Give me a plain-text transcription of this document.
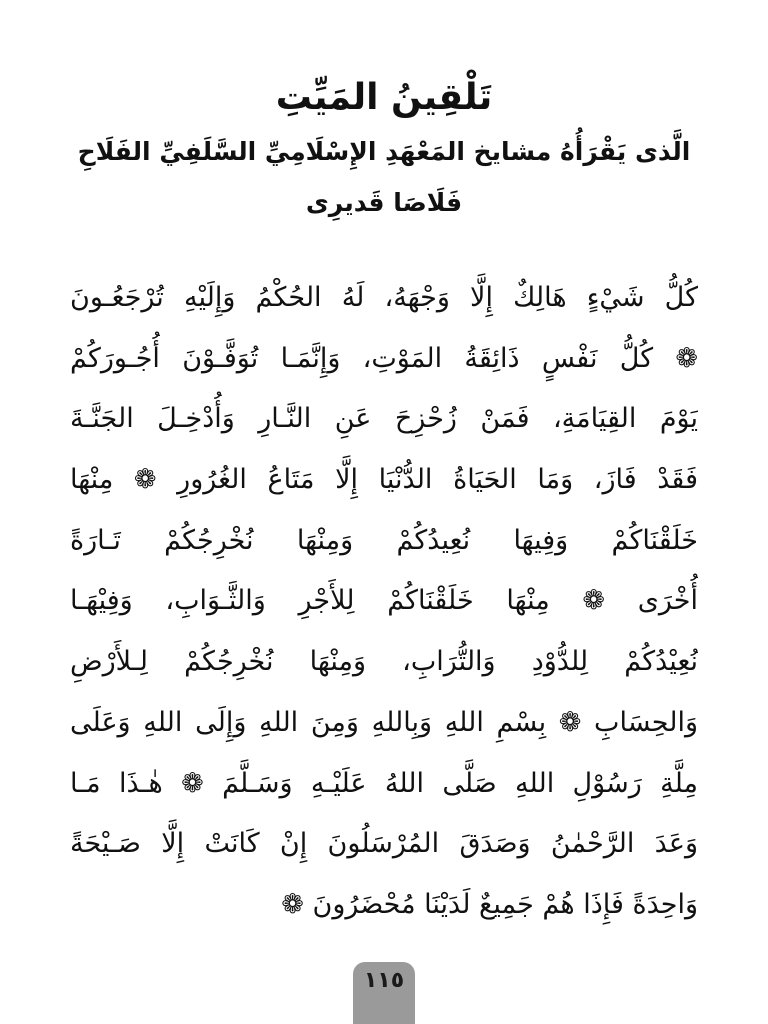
تَلْقِينُ المَيِّتِ

الَّذى يَقْرَأُهُ مشايخ المَعْهَدِ الإِسْلَامِيِّ السَّلَفِيِّ الفَلَاحِ

فَلَاصَا قَديرِى

كُلُّ شَيْءٍ هَالِكٌ إِلَّا وَجْهَهُ، لَهُ الحُكْمُ وَإِلَيْهِ تُرْجَعُـونَ
❁ كُلُّ نَفْسٍ ذَائِقَةُ المَوْتِ، وَإِنَّمَـا تُوَفَّـوْنَ أُجُـورَكُمْ
يَوْمَ القِيَامَةِ، فَمَنْ زُحْزِحَ عَنِ النَّـارِ وَأُدْخِـلَ الجَنَّـةَ
فَقَدْ فَازَ، وَمَا الحَيَاةُ الدُّنْيَا إِلَّا مَتَاعُ الغُرُورِ ❁ مِنْهَا
خَلَقْنَاكُمْ وَفِيهَا نُعِيدُكُمْ وَمِنْهَا نُخْرِجُكُمْ تَـارَةً
أُخْرَى ❁ مِنْهَا خَلَقْنَاكُمْ لِلأَجْرِ وَالثَّـوَابِ، وَفِيْهَـا
نُعِيْدُكُمْ لِلدُّوْدِ وَالتُّرَابِ، وَمِنْهَا نُخْرِجُكُمْ لِـلأَرْضِ
وَالحِسَابِ ❁ بِسْمِ اللهِ وَبِاللهِ وَمِنَ اللهِ وَإِلَى اللهِ وَعَلَى
مِلَّةِ رَسُوْلِ اللهِ صَلَّى اللهُ عَلَيْـهِ وَسَـلَّمَ ❁ هٰـذَا مَـا
وَعَدَ الرَّحْمٰنُ وَصَدَقَ المُرْسَلُونَ إِنْ كَانَتْ إِلَّا صَـيْحَةً
وَاحِدَةً فَإِذَا هُمْ جَمِيعٌ لَدَيْنَا مُحْضَرُونَ ❁
١١٥
